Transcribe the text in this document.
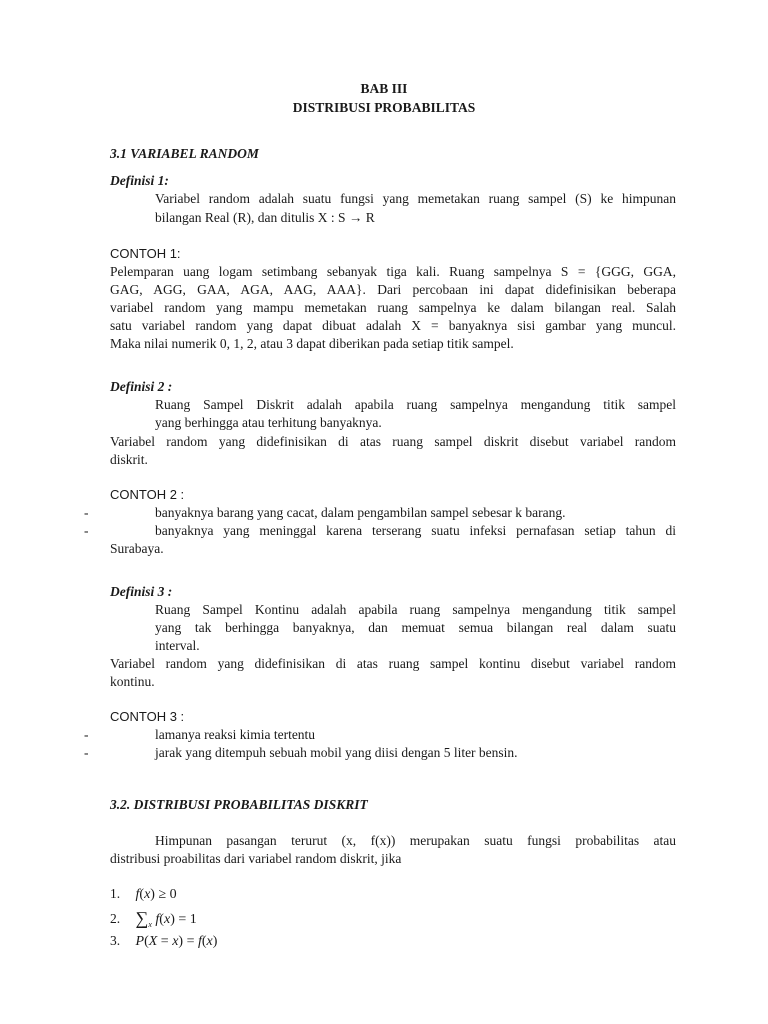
BAB III
DISTRIBUSI PROBABILITAS
3.1 VARIABEL RANDOM
Definisi 1:
Variabel random adalah suatu fungsi yang memetakan ruang sampel (S) ke himpunan
bilangan Real (R), dan ditulis X : S → R
CONTOH 1:
Pelemparan uang logam setimbang sebanyak tiga kali. Ruang sampelnya S = {GGG, GGA,
GAG, AGG, GAA, AGA, AAG, AAA}. Dari percobaan ini dapat didefinisikan beberapa
variabel random yang mampu memetakan ruang sampelnya ke dalam bilangan real. Salah
satu variabel random yang dapat dibuat adalah X = banyaknya sisi gambar yang muncul.
Maka nilai numerik 0, 1, 2, atau 3 dapat diberikan pada setiap titik sampel.
Definisi 2 :
Ruang Sampel Diskrit adalah apabila ruang sampelnya mengandung titik sampel
yang berhingga atau terhitung banyaknya.
Variabel random yang didefinisikan di atas ruang sampel diskrit disebut variabel random
diskrit.
CONTOH 2 :
-	banyaknya barang yang cacat, dalam pengambilan sampel sebesar k barang.
-	banyaknya yang meninggal karena terserang suatu infeksi pernafasan setiap tahun di
Surabaya.
Definisi 3 :
Ruang Sampel Kontinu adalah apabila ruang sampelnya mengandung titik sampel
yang tak berhingga banyaknya, dan memuat semua bilangan real dalam suatu
interval.
Variabel random yang didefinisikan di atas ruang sampel kontinu disebut variabel random
kontinu.
CONTOH 3 :
-	lamanya reaksi kimia tertentu
-	jarak yang ditempuh sebuah mobil yang diisi dengan 5 liter bensin.
3.2. DISTRIBUSI PROBABILITAS DISKRIT
Himpunan pasangan terurut (x, f(x)) merupakan suatu fungsi probabilitas atau
distribusi proabilitas dari variabel random diskrit, jika
1. f(x) ≥ 0
2. $\sum_x$ f(x) = 1
3. P(X = x) = f(x)
